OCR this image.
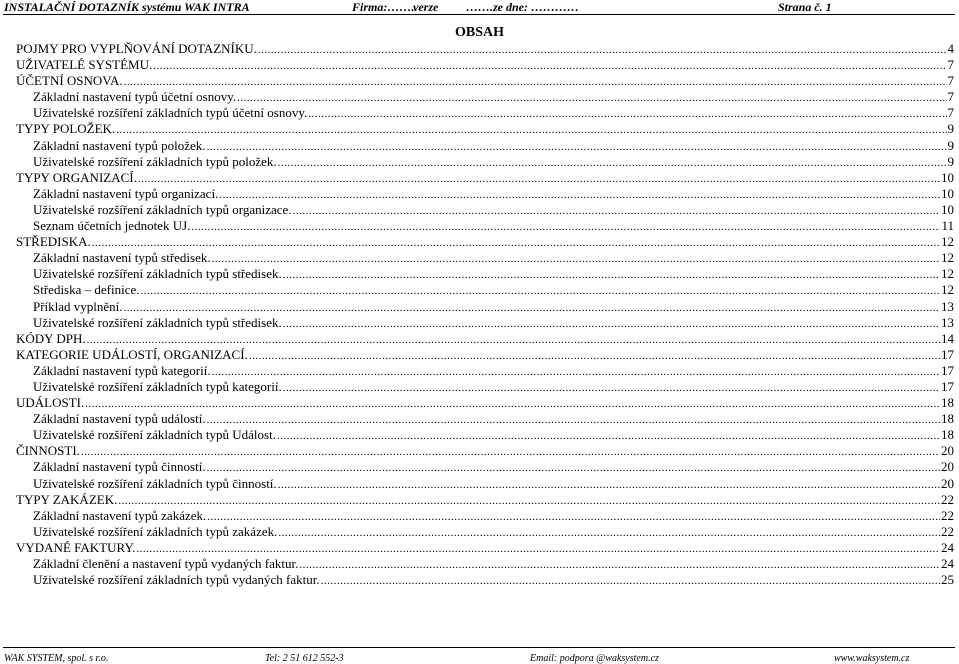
INSTALAČNÍ DOTAZNÍK systému WAK INTRA	Firma:……..
verze …….ze dne: …………	Strana č. 1
OBSAH
POJMY PRO VYPLŇOVÁNÍ DOTAZNÍKU. .....	4
UŽIVATELÉ SYSTÉMU. .....	7
ÚČETNÍ OSNOVA. .....	7
Základní nastavení typů účetní osnovy. .....	7
Uživatelské rozšíření základních typů účetní osnovy. .....	7
TYPY POLOŽEK. .....	9
Základní nastavení typů položek. .....	9
Uživatelské rozšíření základních typů položek. .....	9
TYPY ORGANIZACÍ. .....	10
Základní nastavení typů organizací. .....	10
Uživatelské rozšíření základních typů organizace. .....	10
Seznam účetních jednotek UJ. .....	11
STŘEDISKA. .....	12
Základní nastavení typů středisek. .....	12
Uživatelské rozšíření základních typů středisek. .....	12
Střediska – definice. .....	12
Příklad vyplnění. .....	13
Uživatelské rozšíření základních typů středisek. .....	13
KÓDY DPH. .....	14
KATEGORIE UDÁLOSTÍ, ORGANIZACÍ. .....	17
Základní nastavení typů kategorií. .....	17
Uživatelské rozšíření základních typů kategorií. .....	17
UDÁLOSTI. .....	18
Základní nastavení typů událostí. .....	18
Uživatelské rozšíření základních typů Událost. .....	18
ČINNOSTI. .....	20
Základní nastavení typů činností. .....	20
Uživatelské rozšíření základních typů činností. .....	20
TYPY ZAKÁZEK. .....	22
Základní nastavení typů zakázek. .....	22
Uživatelské rozšíření základních typů zakázek. .....	22
VYDANÉ FAKTURY. .....	24
Základní členění a nastavení typů vydaných faktur. .....	24
Uživatelské rozšíření základních typů vydaných faktur. .....	25
WAK SYSTEM, spol. s r.o.	Tel: 2 51 612 552-3	Email: podpora @waksystem.cz	www.waksystem.cz
